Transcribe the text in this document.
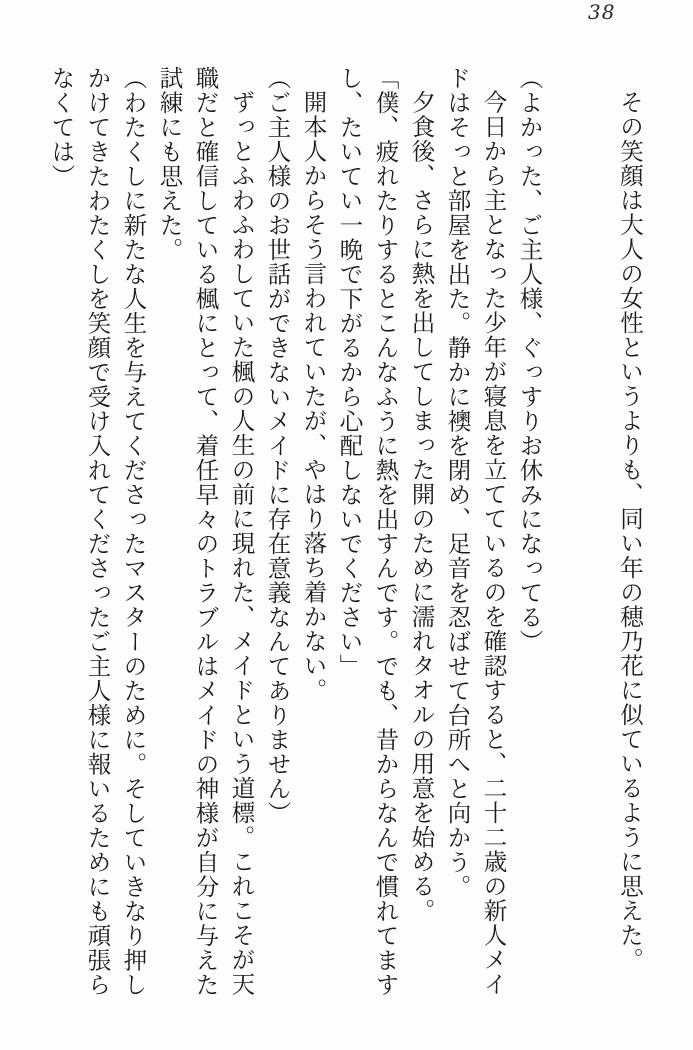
38
その笑顔は大人の女性というよりも、同い年の穂乃花に似ているように思えた。
（よかった、ご主人様、ぐっすりお休みになってる）
今日から主となった少年が寝息を立てているのを確認すると、二十二歳の新人メイ
ドはそっと部屋を出た。静かに襖を閉め、足音を忍ばせて台所へと向かう。
夕食後、さらに熱を出してしまった開のために濡れタオルの用意を始める。
「僕、疲れたりするとこんなふうに熱を出すんです。でも、昔からなんで慣れてます
し、たいてい一晩で下がるから心配しないでください」
開本人からそう言われていたが、やはり落ち着かない。
（ご主人様のお世話ができないメイドに存在意義なんてありません）
ずっとふわふわしていた楓の人生の前に現れた、メイドという道標。これこそが天
職だと確信している楓にとって、着任早々のトラブルはメイドの神様が自分に与えた
試練にも思えた。
（わたくしに新たな人生を与えてくださったマスターのために。そしていきなり押し
かけてきたわたくしを笑顔で受け入れてくださったご主人様に報いるためにも頑張ら
なくては）
